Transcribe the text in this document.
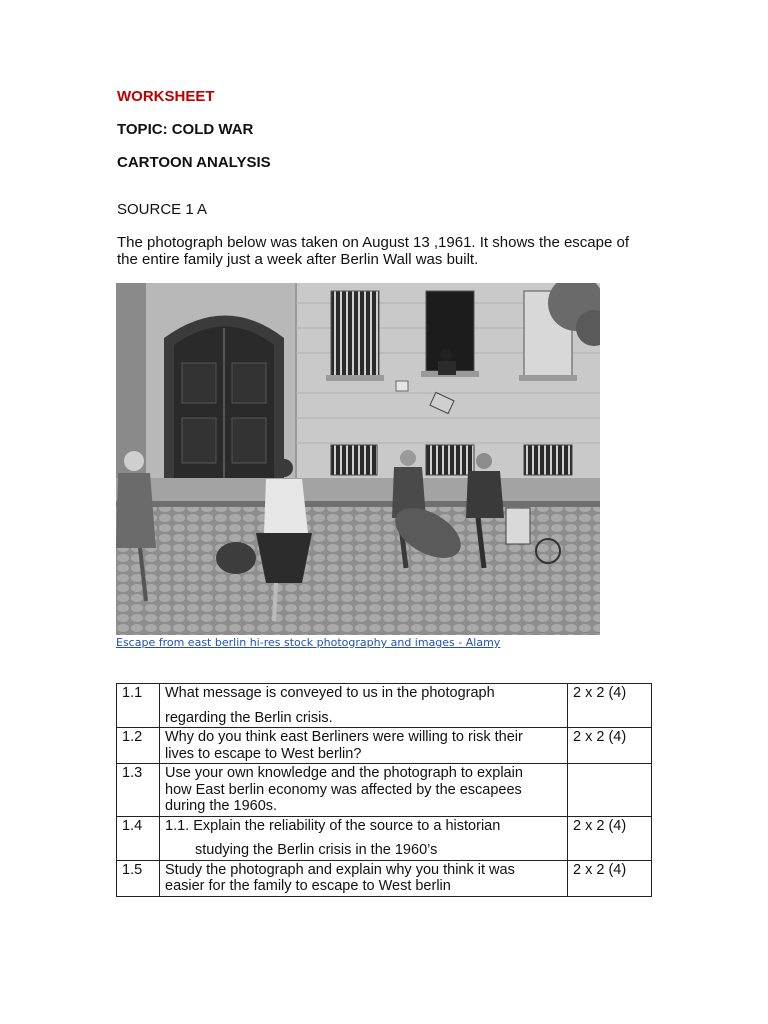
WORKSHEET
TOPIC: COLD WAR
CARTOON ANALYSIS
SOURCE 1 A
The photograph below was taken on August 13 ,1961. It shows the escape of
the entire family just a week after Berlin Wall was built.
Escape from east berlin hi-res stock photography and images - Alamy
1.1	What message is conveyed to us in the photograph
regarding the Berlin crisis.	2 x 2 (4)
1.2	Why do you think east Berliners were willing to risk their
lives to escape to West berlin?	2 x 2 (4)
1.3	Use your own knowledge and the photograph to explain
how East berlin economy was affected by the escapees
during the 1960s.	

1.4	1.1. Explain the reliability of the source to a historian
studying the Berlin crisis in the 1960’s	2 x 2 (4)
1.5	Study the photograph and explain why you think it was
easier for the family to escape to West berlin	2 x 2 (4)
